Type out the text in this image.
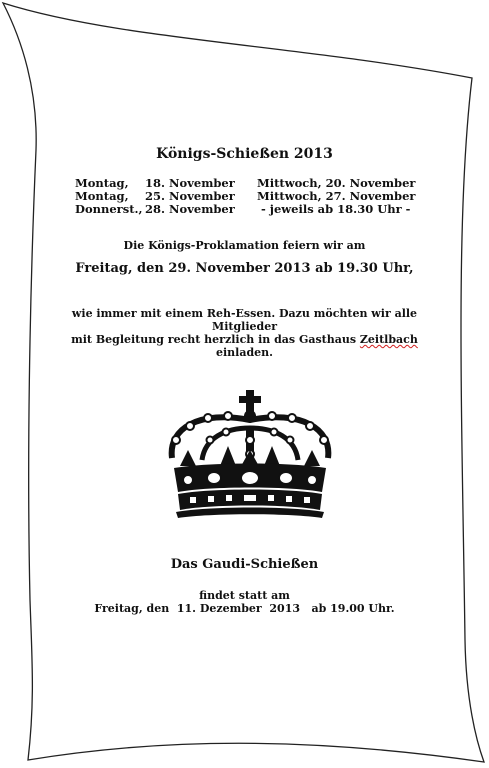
Königs-Schießen 2013
Montag, 18. November Mittwoch, 20. November
Montag, 25. November Mittwoch, 27. November
Donnerst., 28. November - jeweils ab 18.30 Uhr -
Die Königs-Proklamation feiern wir am
Freitag, den 29. November 2013 ab 19.30 Uhr,
wie immer mit einem Reh-Essen. Dazu möchten wir alle
Mitglieder
mit Begleitung recht herzlich in das Gasthaus Zeitlbach
einladen.
Das Gaudi-Schießen
findet statt am
Freitag, den  11. Dezember  2013   ab 19.00 Uhr.
